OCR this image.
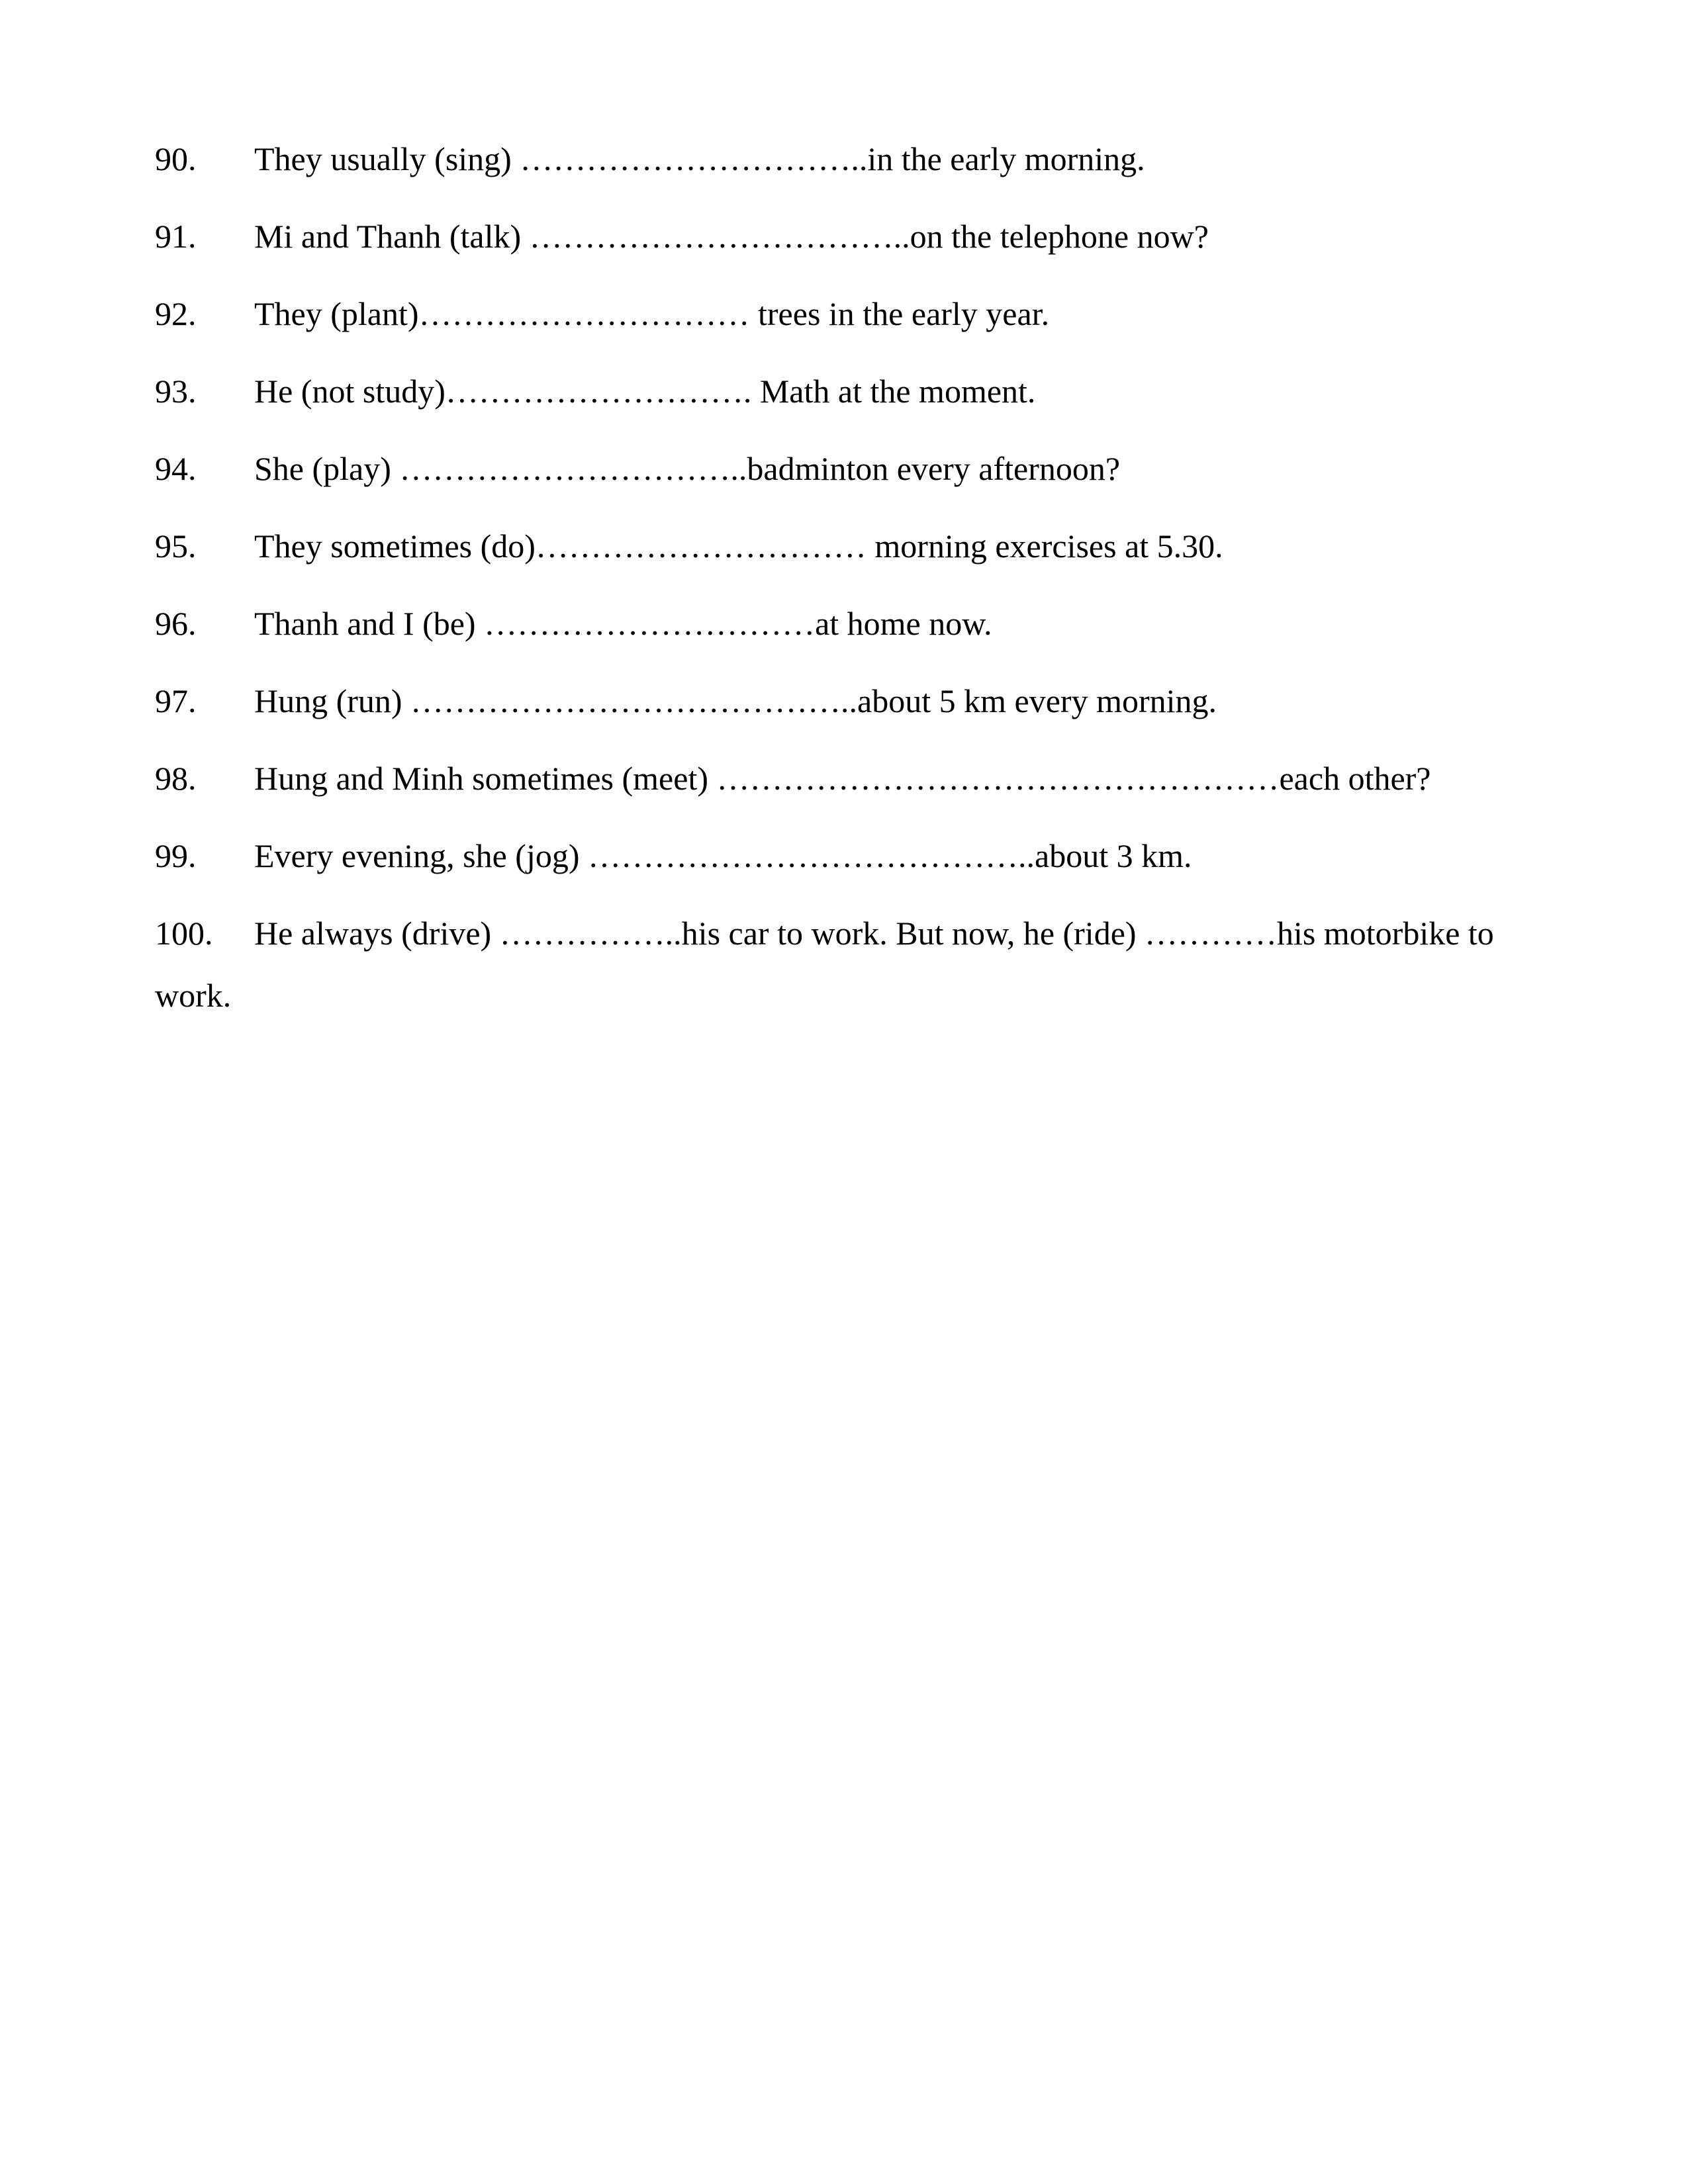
90. They usually (sing) …………………………..in the early morning.
91. Mi and Thanh (talk) ……………………………..on the telephone now?
92. They (plant)………………………… trees in the early year.
93. He (not study)………………………. Math at the moment.
94. She (play) …………………………..badminton every afternoon?
95. They sometimes (do)………………………… morning exercises at 5.30.
96. Thanh and I (be) …………………………at home now.
97. Hung (run) …………………………………..about 5 km every morning.
98. Hung and Minh sometimes (meet) ……………………………………………each other?
99. Every evening, she (jog) …………………………………..about 3 km.
100. He always (drive) ……………..his car to work. But now, he (ride) …………his motorbike to
work.
